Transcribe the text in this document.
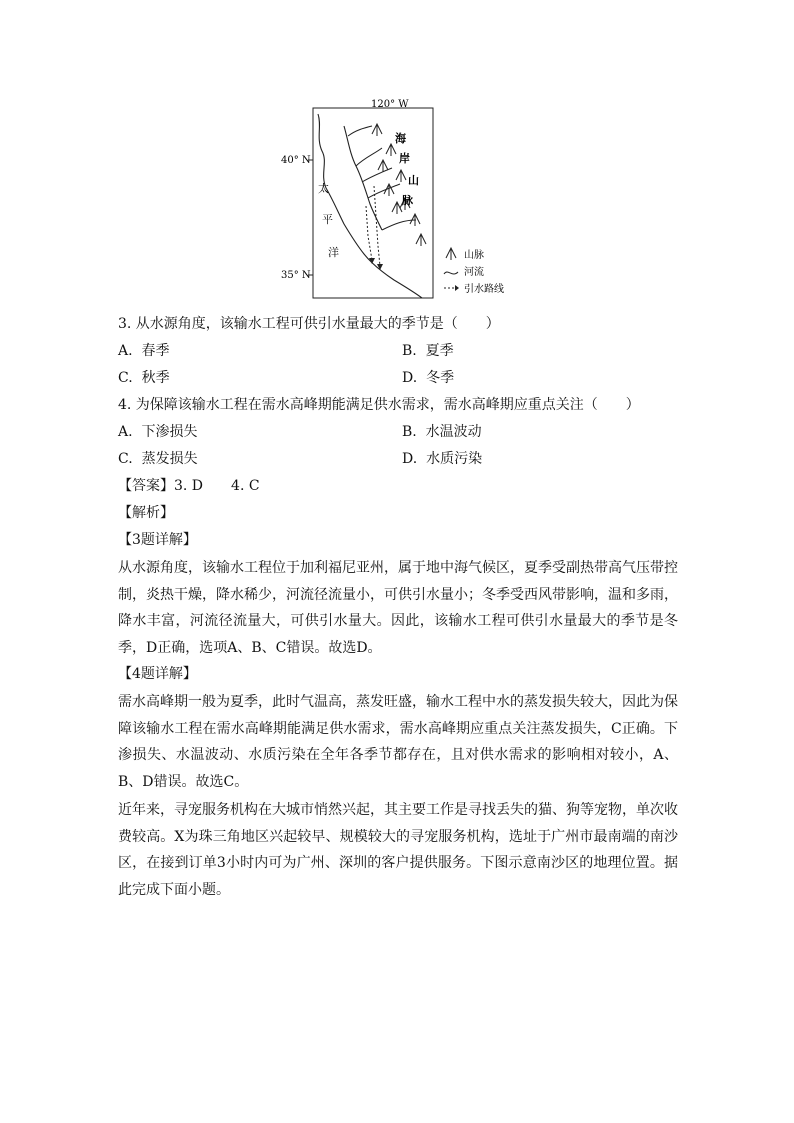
120° W
40° N
35° N
海
岸
山
脉
太
平
洋	山脉
河流
引水路线
3. 从水源角度，该输水工程可供引水量最大的季节是（　　）
A. 春季	B. 夏季
C. 秋季	D. 冬季
4. 为保障该输水工程在需水高峰期能满足供水需求，需水高峰期应重点关注（　　）
A. 下渗损失	B. 水温波动
C. 蒸发损失	D. 水质污染
【答案】3. D　　4. C
【解析】
【3题详解】
从水源角度，该输水工程位于加利福尼亚州，属于地中海气候区，夏季受副热带高气压带控制，炎热干燥，降水稀少，河流径流量小，可供引水量小；冬季受西风带影响，温和多雨，降水丰富，河流径流量大，可供引水量大。因此，该输水工程可供引水量最大的季节是冬季，D正确，选项A、B、C错误。故选D。
【4题详解】
需水高峰期一般为夏季，此时气温高，蒸发旺盛，输水工程中水的蒸发损失较大，因此为保障该输水工程在需水高峰期能满足供水需求，需水高峰期应重点关注蒸发损失，C正确。下渗损失、水温波动、水质污染在全年各季节都存在，且对供水需求的影响相对较小，A、B、D错误。故选C。
近年来，寻宠服务机构在大城市悄然兴起，其主要工作是寻找丢失的猫、狗等宠物，单次收费较高。X为珠三角地区兴起较早、规模较大的寻宠服务机构，选址于广州市最南端的南沙区，在接到订单3小时内可为广州、深圳的客户提供服务。下图示意南沙区的地理位置。据此完成下面小题。
